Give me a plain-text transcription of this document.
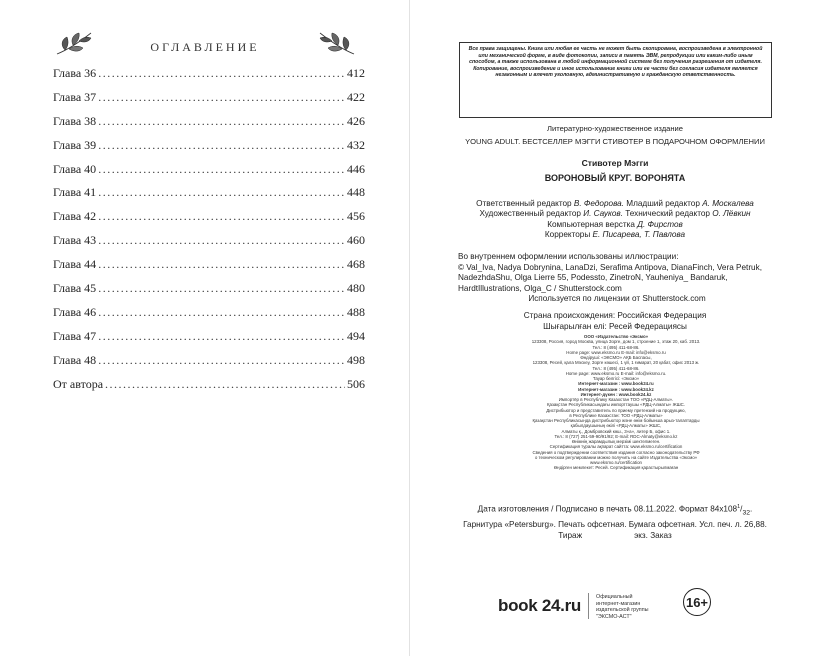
ОГЛАВЛЕНИЕ
Глава 36 .....	412
Глава 37 .....	422
Глава 38 .....	426
Глава 39 .....	432
Глава 40 .....	446
Глава 41 .....	448
Глава 42 .....	456
Глава 43 .....	460
Глава 44 .....	468
Глава 45 .....	480
Глава 46 .....	488
Глава 47 .....	494
Глава 48 .....	498
От автора .....	506
Все права защищены. Книга или любая ее часть не может быть скопирована, воспроизведена в электронной или механической форме, в виде фотокопии, записи в память ЭВМ, репродукции или каким-либо иным способом, а также использована в любой информационной системе без получения разрешения от издателя. Копирование, воспроизведение и иное использование книги или ее части без согласия издателя является незаконным и влечет уголовную, административную и гражданскую ответственность.
Литературно-художественное издание
YOUNG ADULT. БЕСТСЕЛЛЕР МЭГГИ СТИВОТЕР В ПОДАРОЧНОМ ОФОРМЛЕНИИ
Стивотер Мэгги
ВОРОНОВЫЙ КРУГ. ВОРОНЯТА
Ответственный редактор В. Федорова. Младший редактор А. Москалева
Художественный редактор И. Сауков. Технический редактор О. Лёвкин
Компьютерная верстка Д. Фирстов
Корректоры Е. Писарева, Т. Павлова
Во внутреннем оформлении использованы иллюстрации:
© Val_Iva, Nadya Dobrynina, LanaDzi, Serafima Antipova, DianaFinch, Vera Petruk, NadezhdaShu, Olga Lierre 55, Podessto, ZinetroN, Yauheniya_ Bandaruk, HardtIllustrations, Olga_C / Shutterstock.com
Используется по лицензии от Shutterstock.com
Страна происхождения: Российская Федерация
Шығарылған елі: Ресей Федерациясы
ООО «Издательство «Эксмо»
123308, Россия, город Москва, улица Зорге, дом 1, строение 1, этаж 20, каб. 2013.
Тел.: 8 (495) 411-68-86.
Home page: www.eksmo.ru E-mail: info@eksmo.ru
Өндіруші: «ЭКСМО» АҚБ Баспасы,
123308, Ресей, қала Мәскеу, Зорге көшесі, 1 үй, 1 ғимарат, 20 қабат, офис 2013 ж.
Тел.: 8 (495) 411-68-86.
Home page: www.eksmo.ru E-mail: info@eksmo.ru.
Тауар белгісі: «Эксмо»
Интернет-магазин : www.book24.ru
Интернет-магазин : www.book24.kz
Интернет-дүкен : www.book24.kz
Импортёр в Республику Казахстан ТОО «РДЦ-Алматы».
Қазақстан Республикасындағы импорттаушы «РДЦ-Алматы» ЖШС.
Дистрибьютор и представитель по приему претензий на продукцию,
в Республике Казахстан: ТОО «РДЦ-Алматы»
Қазақстан Республикасында дистрибьютор және өнім бойынша арыз-талаптарды
қабылдаушының өкілі «РДЦ-Алматы» ЖШС,
Алматы қ., Домбровский көш., 3«а», литер Б, офис 1.
Тел.: 8 (727) 251-59-90/91/92; E-mail: RDC-Almaty@eksmo.kz
Өнімнің жарамдылық мерзімі шектелмеген.
Сертификация туралы ақпарат сайтта: www.eksmo.ru/certification
Сведения о подтверждении соответствия издания согласно законодательству РФ
о техническом регулировании можно получить на сайте Издательства «Эксмо»
www.eksmo.ru/certification
Өндірген мемлекет: Ресей. Сертификация қарастырылмаған
Дата изготовления / Подписано в печать 08.11.2022. Формат $84х108^1/_{32}$.
Гарнитура «Petersburg». Печать офсетная. Бумага офсетная. Усл. печ. л. 26,88.
Тираж	экз. Заказ
book 24.ru	Официальный
интернет-магазин
издательской группы
"ЭКСМО-АСТ"
16+
